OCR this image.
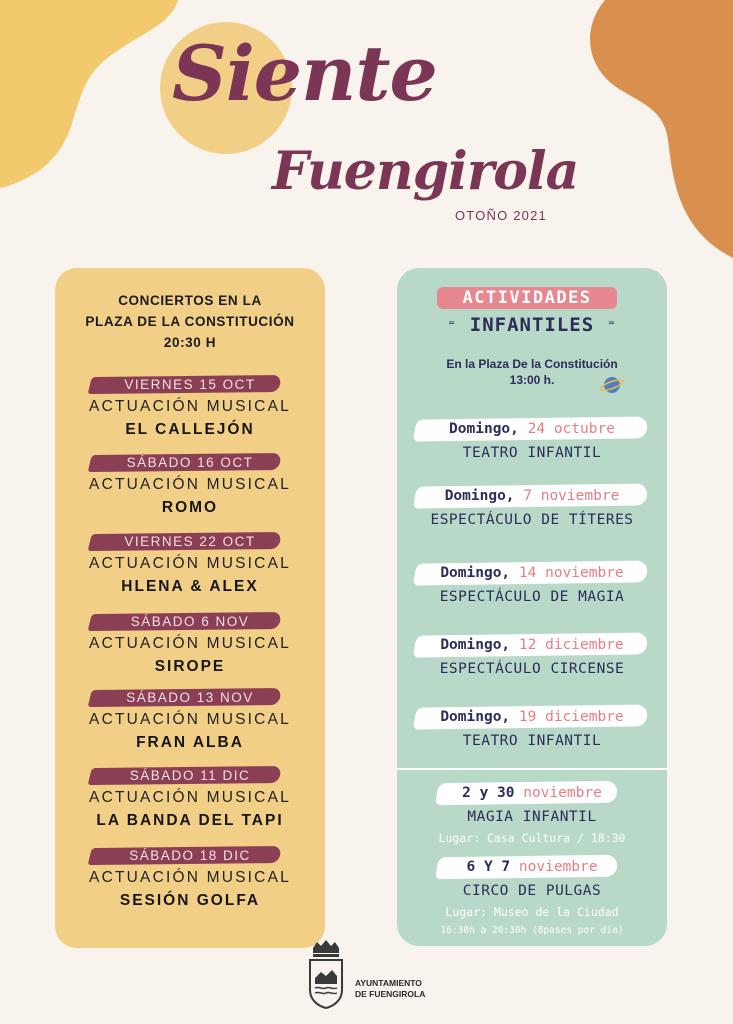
Siente
Fuengirola
OTOÑO 2021
CONCIERTOS EN LA
PLAZA DE LA CONSTITUCIÓN
20:30 H
VIERNES 15 OCT
ACTUACIÓN MUSICAL
EL CALLEJÓN
SÁBADO 16 OCT
ACTUACIÓN MUSICAL
ROMO
VIERNES 22 OCT
ACTUACIÓN MUSICAL
HLENA & ALEX
SÁBADO 6 NOV
ACTUACIÓN MUSICAL
SIROPE
SÁBADO 13 NOV
ACTUACIÓN MUSICAL
FRAN ALBA
SÁBADO 11 DIC
ACTUACIÓN MUSICAL
LA BANDA DEL TAPI
SÁBADO 18 DIC
ACTUACIÓN MUSICAL
SESIÓN GOLFA
ACTIVIDADES
⁼ INFANTILES ⁼
En la Plaza De la Constitución
13:00 h.
Domingo, 24 octubre
TEATRO INFANTIL
Domingo, 7 noviembre
ESPECTÁCULO DE TÍTERES
Domingo, 14 noviembre
ESPECTÁCULO DE MAGIA
Domingo, 12 diciembre
ESPECTÁCULO CIRCENSE
Domingo, 19 diciembre
TEATRO INFANTIL
2 y 30 noviembre
MAGIA INFANTIL
Lugar: Casa Cultura / 18:30
6 Y 7 noviembre
CIRCO DE PULGAS
Lugar: Museo de la Ciudad
16:30h a 20:30h (8pases por día)
AYUNTAMIENTO
DE FUENGIROLA
